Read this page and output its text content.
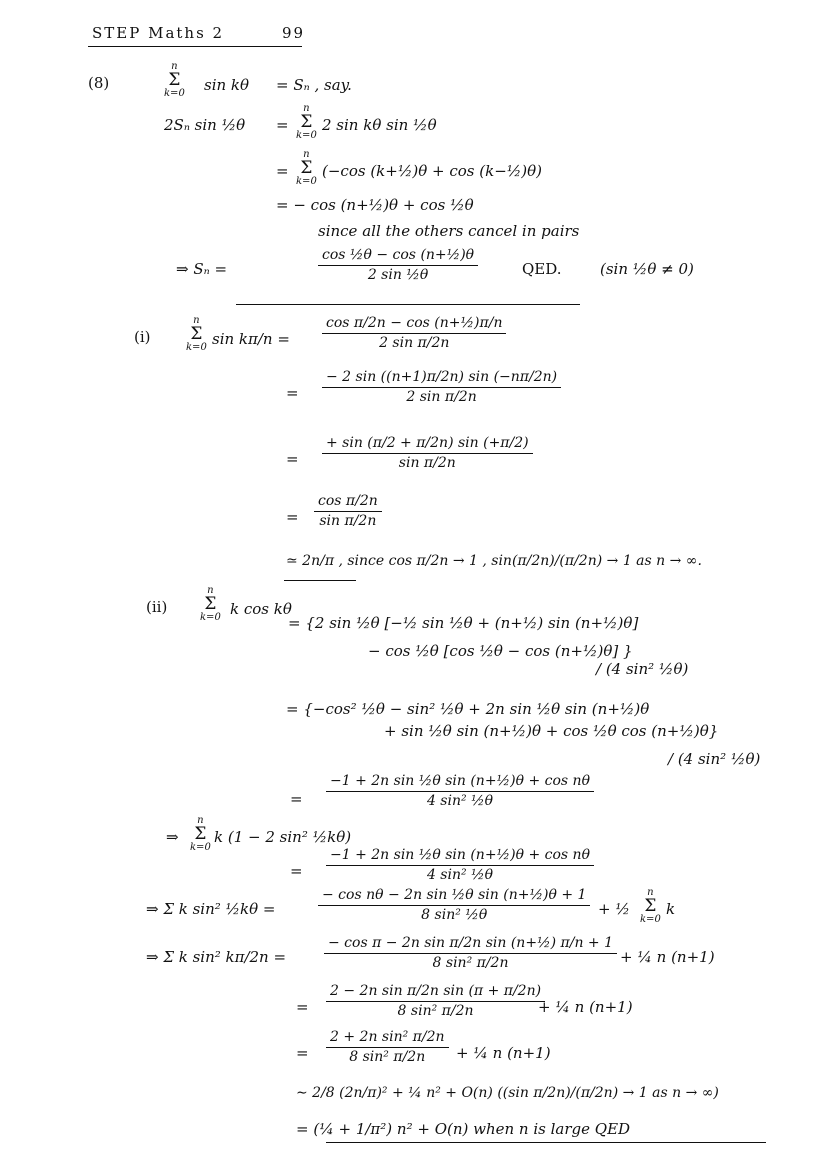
STEP Maths 2	99
(8)
n
Σ
k=0 sin kθ = Sₙ , say.
2Sₙ sin ½θ =
n
Σ
k=0
2 sin kθ sin ½θ
=
n
Σ
k=0
(−cos (k+½)θ + cos (k−½)θ)
= − cos (n+½)θ + cos ½θ
since all the others cancel in pairs
⇒ Sₙ =
cos ½θ − cos (n+½)θ
2 sin ½θ	QED.	(sin ½θ ≠ 0)
(i)
n
Σ
k=0 sin kπ/n =
cos π/2n − cos (n+½)π/n
2 sin π/2n
=
− 2 sin ((n+1)π/2n) sin (−nπ/2n)
2 sin π/2n
=
+ sin (π/2 + π/2n) sin (+π/2)
sin π/2n
=
cos π/2n
sin π/2n
≃ 2n/π , since cos π/2n → 1 , sin(π/2n)/(π/2n) → 1 as n → ∞.
(ii)
n
Σ
k=0 k cos kθ
= {2 sin ½θ [−½ sin ½θ + (n+½) sin (n+½)θ]
− cos ½θ [cos ½θ − cos (n+½)θ] }
/ (4 sin² ½θ)
= {−cos² ½θ − sin² ½θ + 2n sin ½θ sin (n+½)θ
+ sin ½θ sin (n+½)θ + cos ½θ cos (n+½)θ}
/ (4 sin² ½θ)
=
−1 + 2n sin ½θ sin (n+½)θ + cos nθ
4 sin² ½θ
⇒
n
Σ
k=0
k (1 − 2 sin² ½kθ)
=
−1 + 2n sin ½θ sin (n+½)θ + cos nθ
4 sin² ½θ
⇒ Σ k sin² ½kθ =
− cos nθ − 2n sin ½θ sin (n+½)θ + 1
8 sin² ½θ	+ ½
n
Σ
k=0
k
⇒ Σ k sin² kπ/2n =
− cos π − 2n sin π/2n sin (n+½) π/n + 1
8 sin² π/2n	+ ¼ n (n+1)
=
2 − 2n sin π/2n sin (π + π/2n)
8 sin² π/2n	+ ¼ n (n+1)
=
2 + 2n sin² π/2n
8 sin² π/2n + ¼ n (n+1)
∼ 2/8 (2n/π)² + ¼ n² + O(n) ((sin π/2n)/(π/2n) → 1 as n → ∞)
= (¼ + 1/π²) n² + O(n) when n is large QED
